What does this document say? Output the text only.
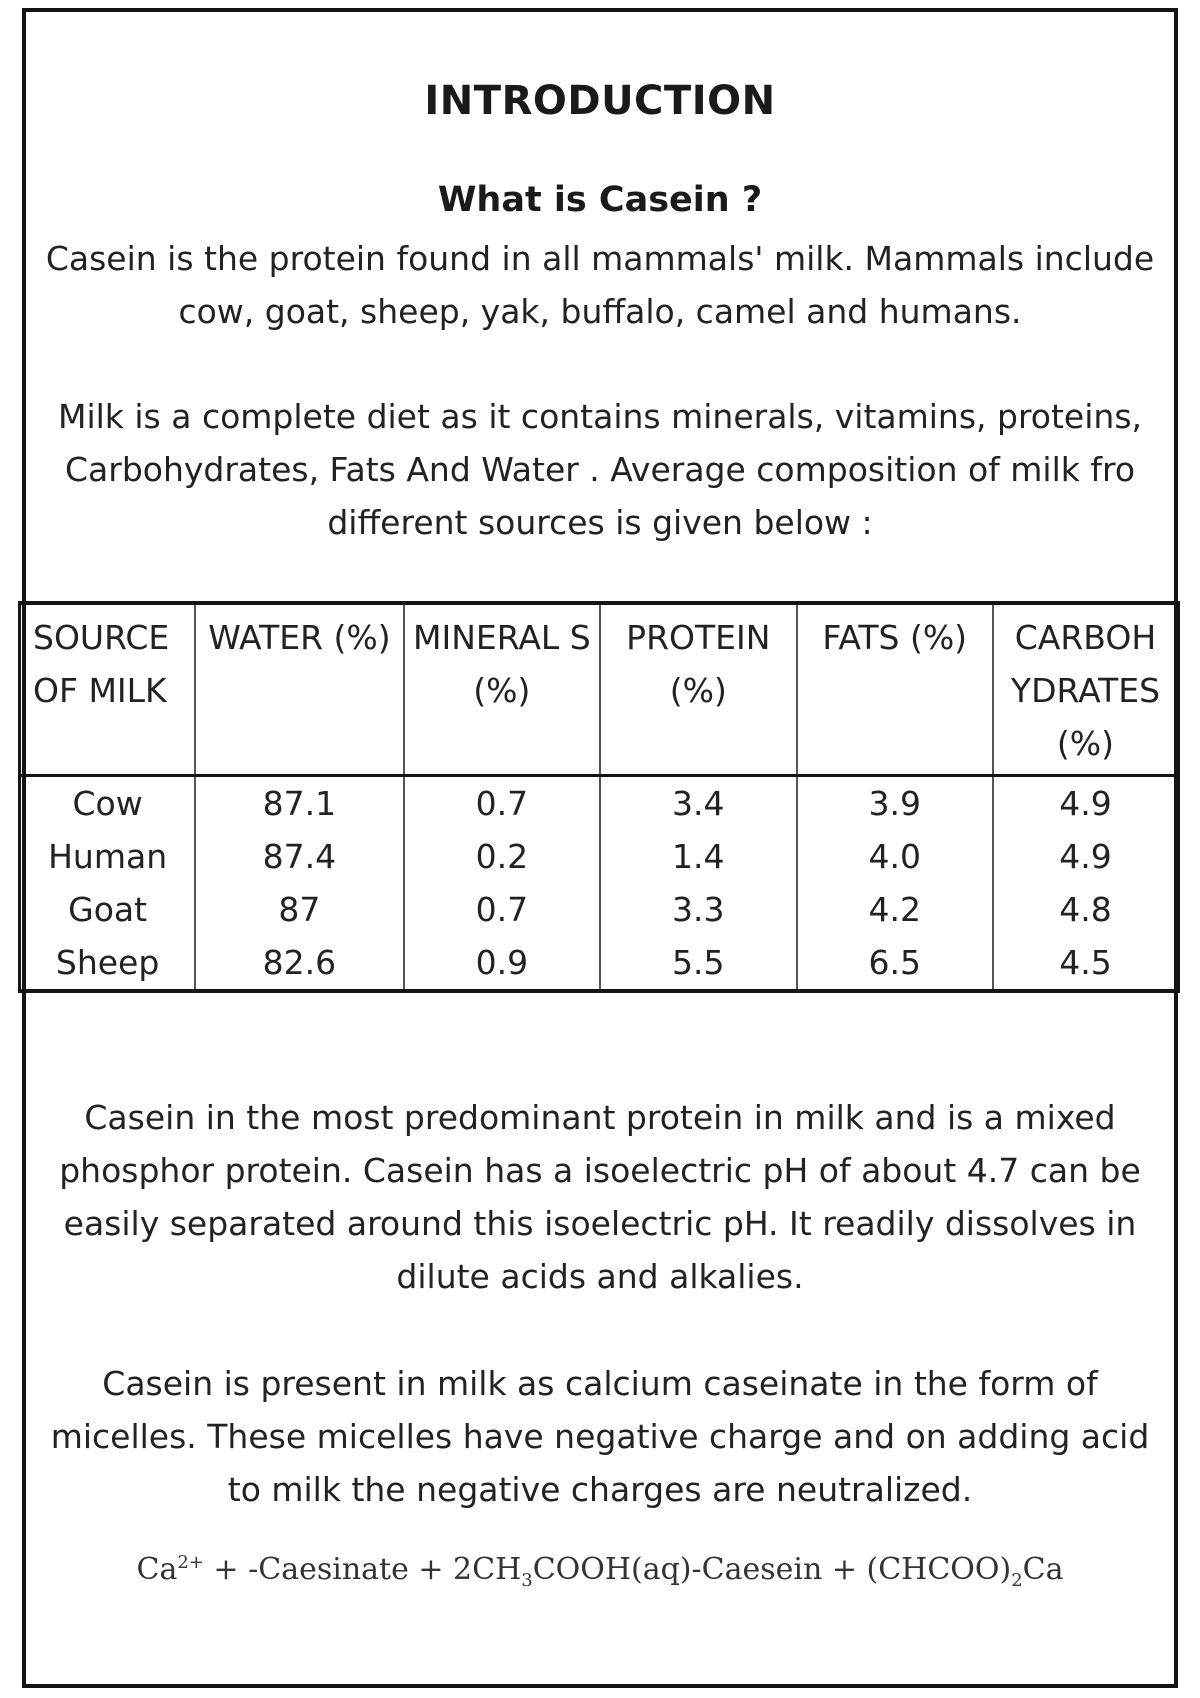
INTRODUCTION
What is Casein ?

Casein is the protein found in all mammals' milk. Mammals include cow, goat, sheep, yak, buffalo, camel and humans.

Milk is a complete diet as it contains minerals, vitamins, proteins, Carbohydrates, Fats And Water . Average composition of milk fro different sources is given below :

SOURCE OF MILK	WATER (%)	MINERAL S (%)	PROTEIN (%)	FATS (%)	CARBOH YDRATES (%)
Cow	87.1	0.7	3.4	3.9	4.9
Human	87.4	0.2	1.4	4.0	4.9
Goat	87	0.7	3.3	4.2	4.8
Sheep	82.6	0.9	5.5	6.5	4.5

Casein in the most predominant protein in milk and is a mixed phosphor protein. Casein has a isoelectric pH of about 4.7 can be easily separated around this isoelectric pH. It readily dissolves in dilute acids and alkalies.

Casein is present in milk as calcium caseinate in the form of micelles. These micelles have negative charge and on adding acid to milk the negative charges are neutralized.

$Ca^{2+}$ + -Caesinate + $2CH_3COOH(aq)$-Caesein + $(CHCOO)_2Ca$
